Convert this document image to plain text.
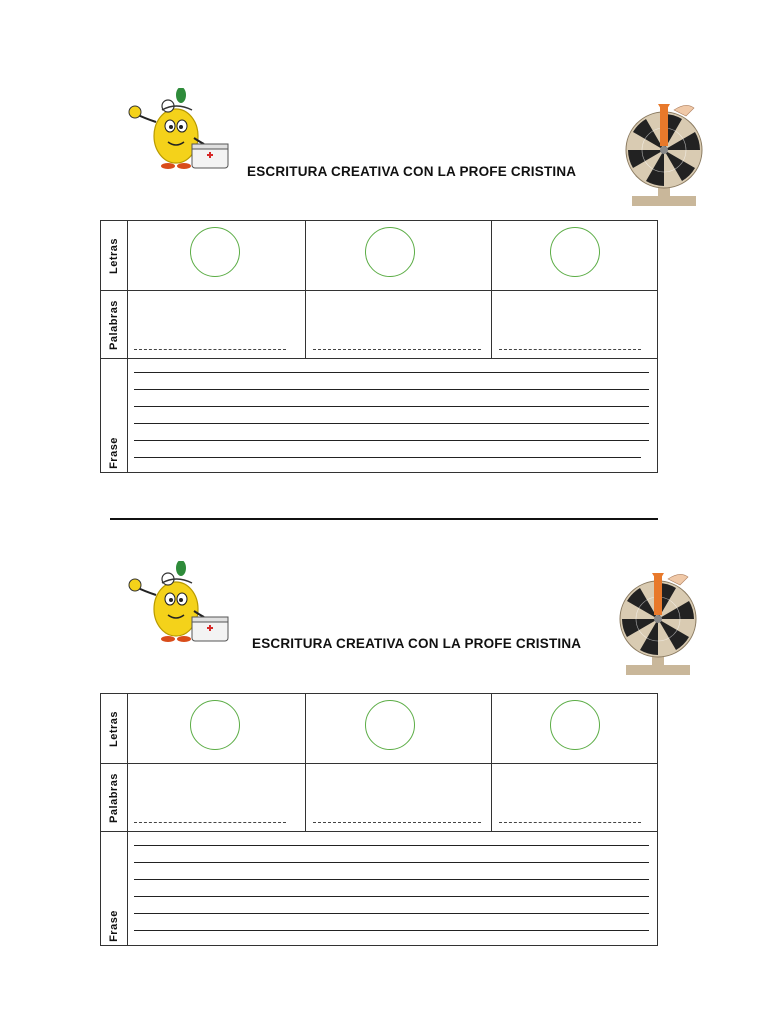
ESCRITURA CREATIVA CON LA PROFE CRISTINA
Letras
Palabras
Frase
ESCRITURA CREATIVA CON LA PROFE CRISTINA
Letras
Palabras
Frase
